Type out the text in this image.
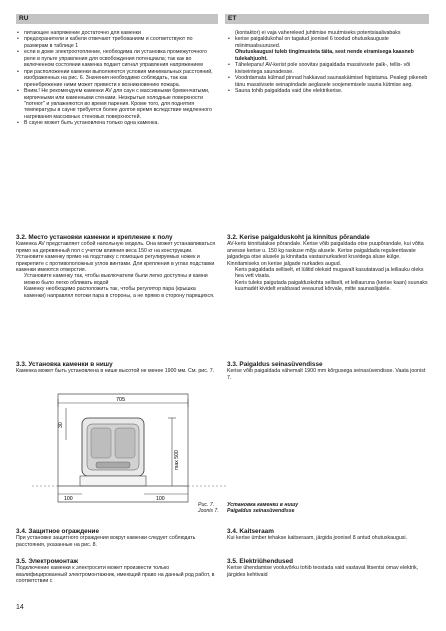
RU	ET

• питающее напряжение достаточно для каменки

• предохранители и кабели отвечают требованиям и соответствуют по размерам в таблице 1

• если в доме электроотопление, необходима ли установка промежуточного реле в пульте управления для освобождения потенциала; так как во включенном состоянии каменка подает сигнал управления напряжением

• при расположении каменки выполняются условия минимальных расстояний, изображенных на рис. 6. Значения необходимо соблюдать, так как пренебрежение ними может привести к возникновению пожара.

• Вним.! Не рекомендуем каменки AV для саун с массивными бревенчатыми, кирпичными или каменными стенами. Незкрытые холодные поверхности "потеют" и увлажняются во время парения. Кроме того, для поднятия температуры в сауне требуется более долгое время вследствие медленного нагревания массивных стеновых поверхностей.

• В сауне может быть установлена только одна каменка.

3.2. Место установки каменки и крепление к полу

Каменка AV представляет собой напольную модель. Она может устанавливаться прямо на деревянный пол с учетом влияния веса 150 кг на конструкции. Установите каменку прямо на подставку с помощью регулируемых ножек и прикрепите с противоположных углов винтами. Для крепления в углах подставки каменки имеются отверстия.

Установите каменку так, чтобы выключатели были легко доступны и камни можно было легко обливать водой

Каменку необходимо расположить так, чтобы регулятор пара (крышка каменки) направлял потоки пара в стороны, а не прямо в сторону парящихся.

3.3. Установка каменки в нишу

Каменка может быть установлена в нише высотой не менее 1900 мм. См. рис. 7.

(kontaktor) ei vaja vahereleed juhtimise muutmiseks potentsiaalivabaks

• kerise paigaldukohal on tagatud joonisel 6 toodud ohutuskauguste miinimaalsuurused.

Ohutuskaugusi tuleb tingimusteta täita, sest nende eiramisega kaasneb tulekahjuoht.

• Tähelepanu! AV-kerist pole soovitav paigaldada massiivsete palk-, tellis- või kiviseintega saunadesse.

• Voodrdamata külmad pinnad hakkavad saunaskäimisel higistama. Pealegi pikeneb tänu massiivsete seinapindade aeglasele soojenemisele sauna kütmise aeg.

• Sauna tohib paigaldada vaid ühe elektrikerise.

3.2. Kerise paigalduskoht ja kinnitus põrandale

AV-keris kinnitatakse põrandale. Kerise võib paigaldada otse puupõrandale, kui võtta arvesse kerise u. 150 kg raskuse mõju alusele. Kerise paigaldada reguleeritavate jalgadega otse alusele ja kinnitada vastasnurkadest kruvidega aluse külge. Kinnitamiseks on kerise jalgade nurkades augud.

Keris paigaldada selliselt, et lülitid oleksid mugavalt kasutatavad ja leiliauku oleks hea vett visata.

Keris tuleks paigutada paigalduskohta selliselt, et leiliauruna (kerise kaan) suunaks kuumadét kividelt eralduvad veeaurud kõrvale, mitte saunaslijatele.

3.3. Paigaldus seinasüvendisse

Kerise võib paigaldada vähemalt 1900 mm kõrgusega seinasüvendisse. Vaata joonist 7.

705
30
max 500
100	100
Рис. 7. Установка каменки в нишу
Joonis 7. Paigaldus seinasüvendisse

3.4. Защитное ограждение

При установке защитного ограждения вокруг каменки следует соблюдать расстояния, указанные на рис. 8.

3.5. Электромонтаж

Подключение каменки к электросети может произвести только квалифицированный электромонтажник, имеющий право на данный род работ, в соответствии с

3.4. Kaitseraam

Kui kerise ümber tehakse kaitseraam, järgida joonisel 8 antud ohutuskaugusi.

3.5. Elektriühendused

Kerise ühendamise vooluvõrku tohib teostada vaid vastavat litsentsi omav elektrik, järgides kehtivaid

14
